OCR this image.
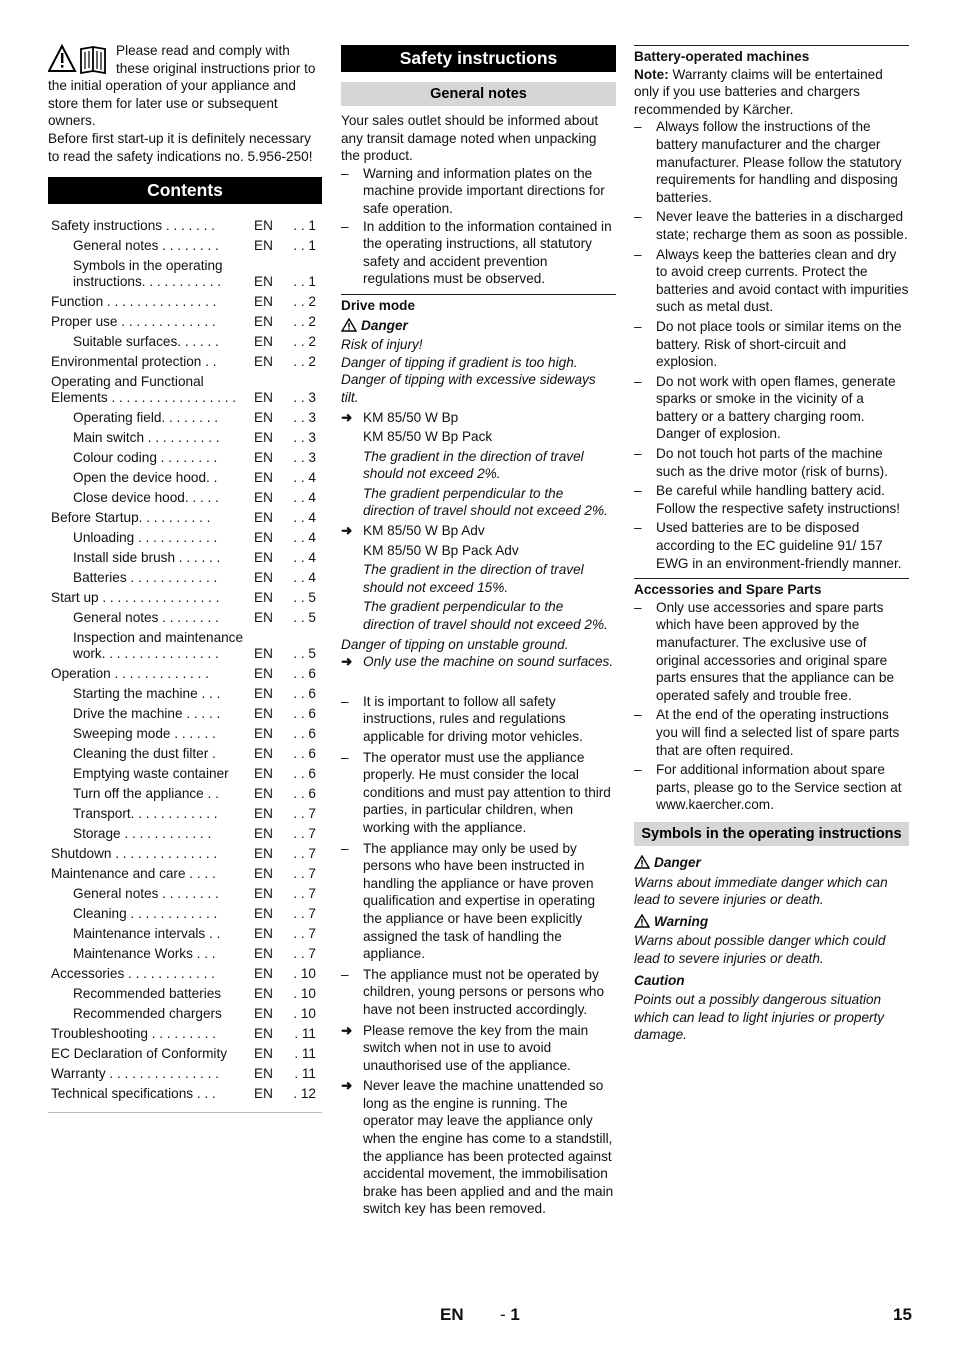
Please read and comply with these original instructions prior to the initial operation of your appliance and store them for later use or subsequent owners.

Before first start-up it is definitely necessary to read the safety indications no. 5.956-250!

Contents
Safety instructions . . . . . . .	EN	. . 1
General notes . . . . . . . .	EN	. . 1
Symbols in the operating instructions. . . . . . . . . . .	EN	. . 1
Function . . . . . . . . . . . . . . .	EN	. . 2
Proper use . . . . . . . . . . . . .	EN	. . 2
Suitable surfaces. . . . . .	EN	. . 2
Environmental protection . .	EN	. . 2
Operating and Functional Elements . . . . . . . . . . . . . . . . .	EN	. . 3
Operating field. . . . . . . .	EN	. . 3
Main switch . . . . . . . . . .	EN	. . 3
Colour coding . . . . . . . .	EN	. . 3
Open the device hood. .	EN	. . 4
Close device hood. . . . .	EN	. . 4
Before Startup. . . . . . . . . .	EN	. . 4
Unloading . . . . . . . . . . .	EN	. . 4
Install side brush . . . . . .	EN	. . 4
Batteries . . . . . . . . . . . .	EN	. . 4
Start up . . . . . . . . . . . . . . . .	EN	. . 5
General notes . . . . . . . .	EN	. . 5
Inspection and maintenance work. . . . . . . . . . . . . . . .	EN	. . 5
Operation . . . . . . . . . . . . .	EN	. . 6
Starting the machine . . .	EN	. . 6
Drive the machine . . . . .	EN	. . 6
Sweeping mode . . . . . .	EN	. . 6
Cleaning the dust filter .	EN	. . 6
Emptying waste container	EN	. . 6
Turn off the appliance . .	EN	. . 6
Transport. . . . . . . . . . . .	EN	. . 7
Storage . . . . . . . . . . . .	EN	. . 7
Shutdown . . . . . . . . . . . . . .	EN	. . 7
Maintenance and care . . . .	EN	. . 7
General notes . . . . . . . .	EN	. . 7
Cleaning . . . . . . . . . . . .	EN	. . 7
Maintenance intervals . .	EN	. . 7
Maintenance Works . . .	EN	. . 7
Accessories . . . . . . . . . . . .	EN	. 10
Recommended batteries	EN	. 10
Recommended chargers	EN	. 10
Troubleshooting . . . . . . . . .	EN	. 11
EC Declaration of Conformity	EN	. 11
Warranty . . . . . . . . . . . . . . .	EN	. 11
Technical specifications . . .	EN	. 12
Safety instructions
General notes

Your sales outlet should be informed about any transit damage noted when unpacking the product.

– Warning and information plates on the machine provide important directions for safe operation.
– In addition to the information contained in the operating instructions, all statutory safety and accident prevention regulations must be observed.
Drive mode
Danger

Risk of injury!

Danger of tipping if gradient is too high.

Danger of tipping with excessive sideways tilt.

➜ KM 85/50 W Bp
KM 85/50 W Bp Pack
The gradient in the direction of travel should not exceed 2%.
The gradient perpendicular to the direction of travel should not exceed 2%.
➜ KM 85/50 W Bp Adv
KM 85/50 W Bp Pack Adv
The gradient in the direction of travel should not exceed 15%.
The gradient perpendicular to the direction of travel should not exceed 2%.

Danger of tipping on unstable ground.

➜ Only use the machine on sound surfaces.
– It is important to follow all safety instructions, rules and regulations applicable for driving motor vehicles.
– The operator must use the appliance properly. He must consider the local conditions and must pay attention to third parties, in particular children, when working with the appliance.
– The appliance may only be used by persons who have been instructed in handling the appliance or have proven qualification and expertise in operating the appliance or have been explicitly assigned the task of handling the appliance.
– The appliance must not be operated by children, young persons or persons who have not been instructed accordingly.
➜ Please remove the key from the main switch when not in use to avoid unauthorised use of the appliance.
➜ Never leave the machine unattended so long as the engine is running. The operator may leave the appliance only when the engine has come to a standstill, the appliance has been protected against accidental movement, the immobilisation brake has been applied and and the main switch key has been removed.
Battery-operated machines

Note: Warranty claims will be entertained only if you use batteries and chargers recommended by Kärcher.

– Always follow the instructions of the battery manufacturer and the charger manufacturer. Please follow the statutory requirements for handling and disposing batteries.
– Never leave the batteries in a discharged state; recharge them as soon as possible.
– Always keep the batteries clean and dry to avoid creep currents. Protect the batteries and avoid contact with impurities such as metal dust.
– Do not place tools or similar items on the battery. Risk of short-circuit and explosion.
– Do not work with open flames, generate sparks or smoke in the vicinity of a battery or a battery charging room. Danger of explosion.
– Do not touch hot parts of the machine such as the drive motor (risk of burns).
– Be careful while handling battery acid. Follow the respective safety instructions!
– Used batteries are to be disposed according to the EC guideline 91/ 157 EWG in an environment-friendly manner.
Accessories and Spare Parts
– Only use accessories and spare parts which have been approved by the manufacturer. The exclusive use of original accessories and original spare parts ensures that the appliance can be operated safely and trouble free.
– At the end of the operating instructions you will find a selected list of spare parts that are often required.
– For additional information about spare parts, please go to the Service section at www.kaercher.com.
Symbols in the operating instructions
Danger

Warns about immediate danger which can lead to severe injuries or death.

Warning

Warns about possible danger which could lead to severe injuries or death.

Caution

Points out a possibly dangerous situation which can lead to light injuries or property damage.

EN - 1	15
